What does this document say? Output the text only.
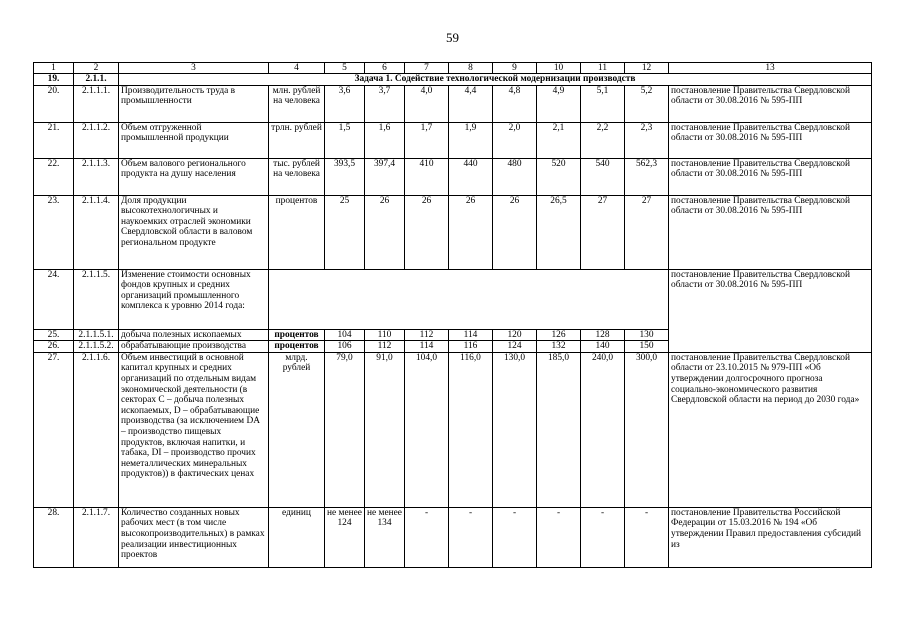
59
1	2	3	4	5	6	7	8	9	10	11	12	13
19.	2.1.1.	Задача 1. Содействие технологической модернизации производств										
20.	2.1.1.1.	Производительность труда в промышленности	млн. рублей на человека	3,6	3,7	4,0	4,4	4,8	4,9	5,1	5,2	постановление Правительства Свердловской области от 30.08.2016 № 595-ПП
21.	2.1.1.2.	Объем отгруженной промышленной продукции	трлн. рублей	1,5	1,6	1,7	1,9	2,0	2,1	2,2	2,3	постановление Правительства Свердловской области от 30.08.2016 № 595-ПП
22.	2.1.1.3.	Объем валового регионального продукта на душу населения	тыс. рублей на человека	393,5	397,4	410	440	480	520	540	562,3	постановление Правительства Свердловской области от 30.08.2016 № 595-ПП
23.	2.1.1.4.	Доля продукции высокотехнологичных и наукоемких отраслей экономики Свердловской области в валовом региональном продукте	процентов	25	26	26	26	26	26,5	27	27	постановление Правительства Свердловской области от 30.08.2016 № 595-ПП
24.	2.1.1.5.	Изменение стоимости основных фондов крупных и средних организаций промышленного комплекса к уровню 2014 года:										постановление Правительства Свердловской области от 30.08.2016 № 595-ПП
25.	2.1.1.5.1.	добыча полезных ископаемых	процентов	104	110	112	114	120	126	128	130	
26.	2.1.1.5.2.	обрабатывающие производства	процентов	106	112	114	116	124	132	140	150	
27.	2.1.1.6.	Объем инвестиций в основной капитал крупных и средних организаций по отдельным видам экономической деятельности (в секторах C – добыча полезных ископаемых, D – обрабатывающие производства (за исключением DA – производство пищевых продуктов, включая напитки, и табака, DI – производство прочих неметаллических минеральных продуктов)) в фактических ценах	млрд. рублей	79,0	91,0	104,0	116,0	130,0	185,0	240,0	300,0	постановление Правительства Свердловской области от 23.10.2015 № 979-ПП «Об утверждении долгосрочного прогноза социально-экономического развития Свердловской области на период до 2030 года»
28.	2.1.1.7.	Количество созданных новых рабочих мест (в том числе высокопроизводительных) в рамках реализации инвестиционных проектов	единиц	не менее 124	не менее 134	-	-	-	-	-	-	постановление Правительства Российской Федерации от 15.03.2016 № 194 «Об утверждении Правил предоставления субсидий из
